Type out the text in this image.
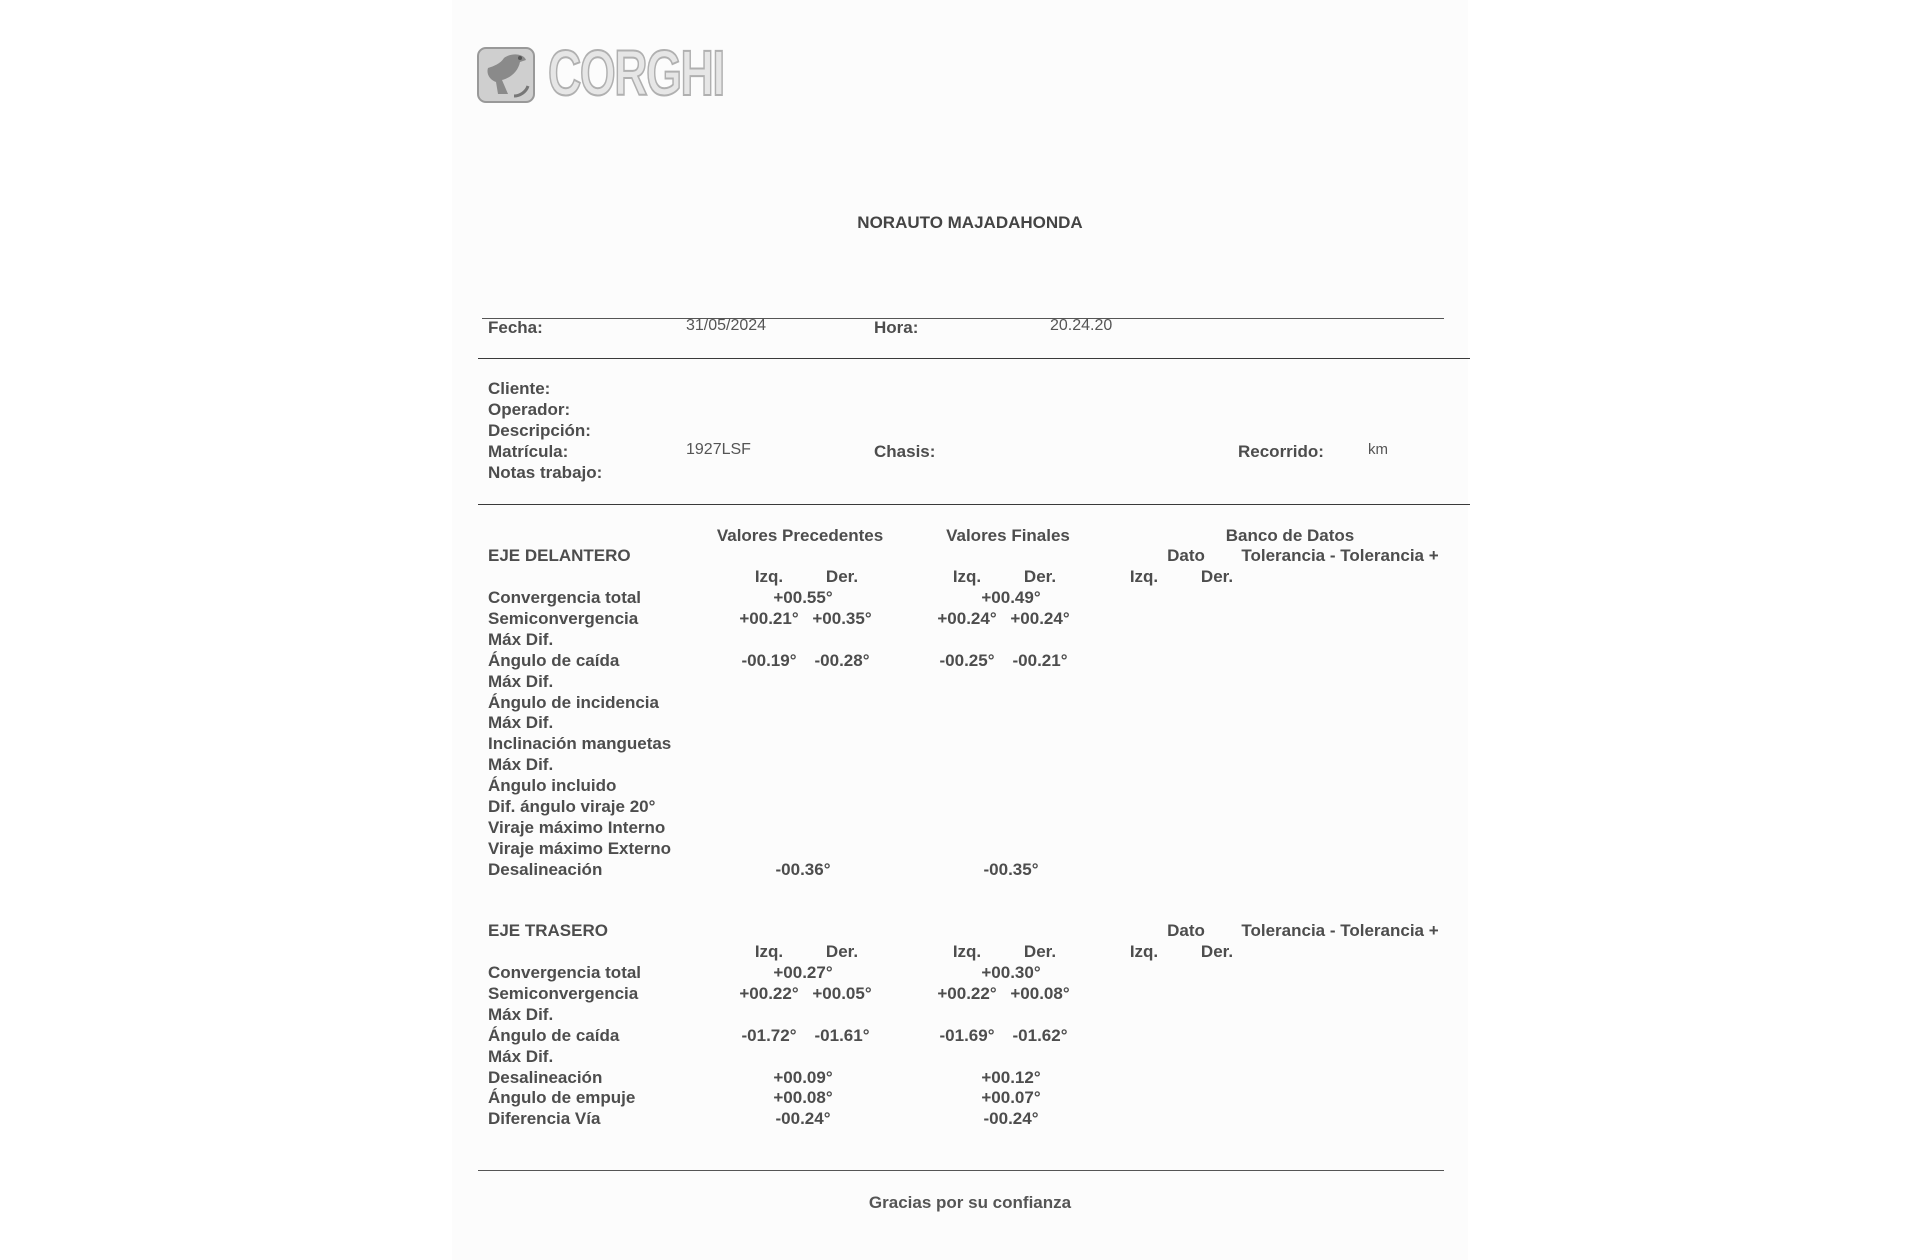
CORGHI
NORAUTO MAJADAHONDA
Fecha:	31/05/2024	Hora:	20.24.20
Cliente:
Operador:
Descripción:
Matrícula:	1927LSF	Chasis:	Recorrido:	km
Notas trabajo:
Valores Precedentes	Valores Finales	Banco de Datos
EJE DELANTERO	Dato Tolerancia - Tolerancia +
Izq.	Der.	Izq.	Der.	Izq.	Der.
Convergencia total	+00.55°	+00.49°
Semiconvergencia	+00.21° +00.35°	+00.24° +00.24°
Máx Dif.
Ángulo de caída	-00.19° -00.28°	-00.25° -00.21°
Máx Dif.
Ángulo de incidencia
Máx Dif.
Inclinación manguetas
Máx Dif.
Ángulo incluido
Dif. ángulo viraje 20°
Viraje máximo Interno
Viraje máximo Externo
Desalineación	-00.36°	-00.35°
EJE TRASERO	Dato Tolerancia - Tolerancia +
Izq.	Der.	Izq.	Der.	Izq.	Der.
Convergencia total	+00.27°	+00.30°
Semiconvergencia	+00.22° +00.05°	+00.22° +00.08°
Máx Dif.
Ángulo de caída	-01.72° -01.61°	-01.69° -01.62°
Máx Dif.
Desalineación	+00.09°	+00.12°
Ángulo de empuje	+00.08°	+00.07°
Diferencia Vía	-00.24°	-00.24°
Gracias por su confianza
